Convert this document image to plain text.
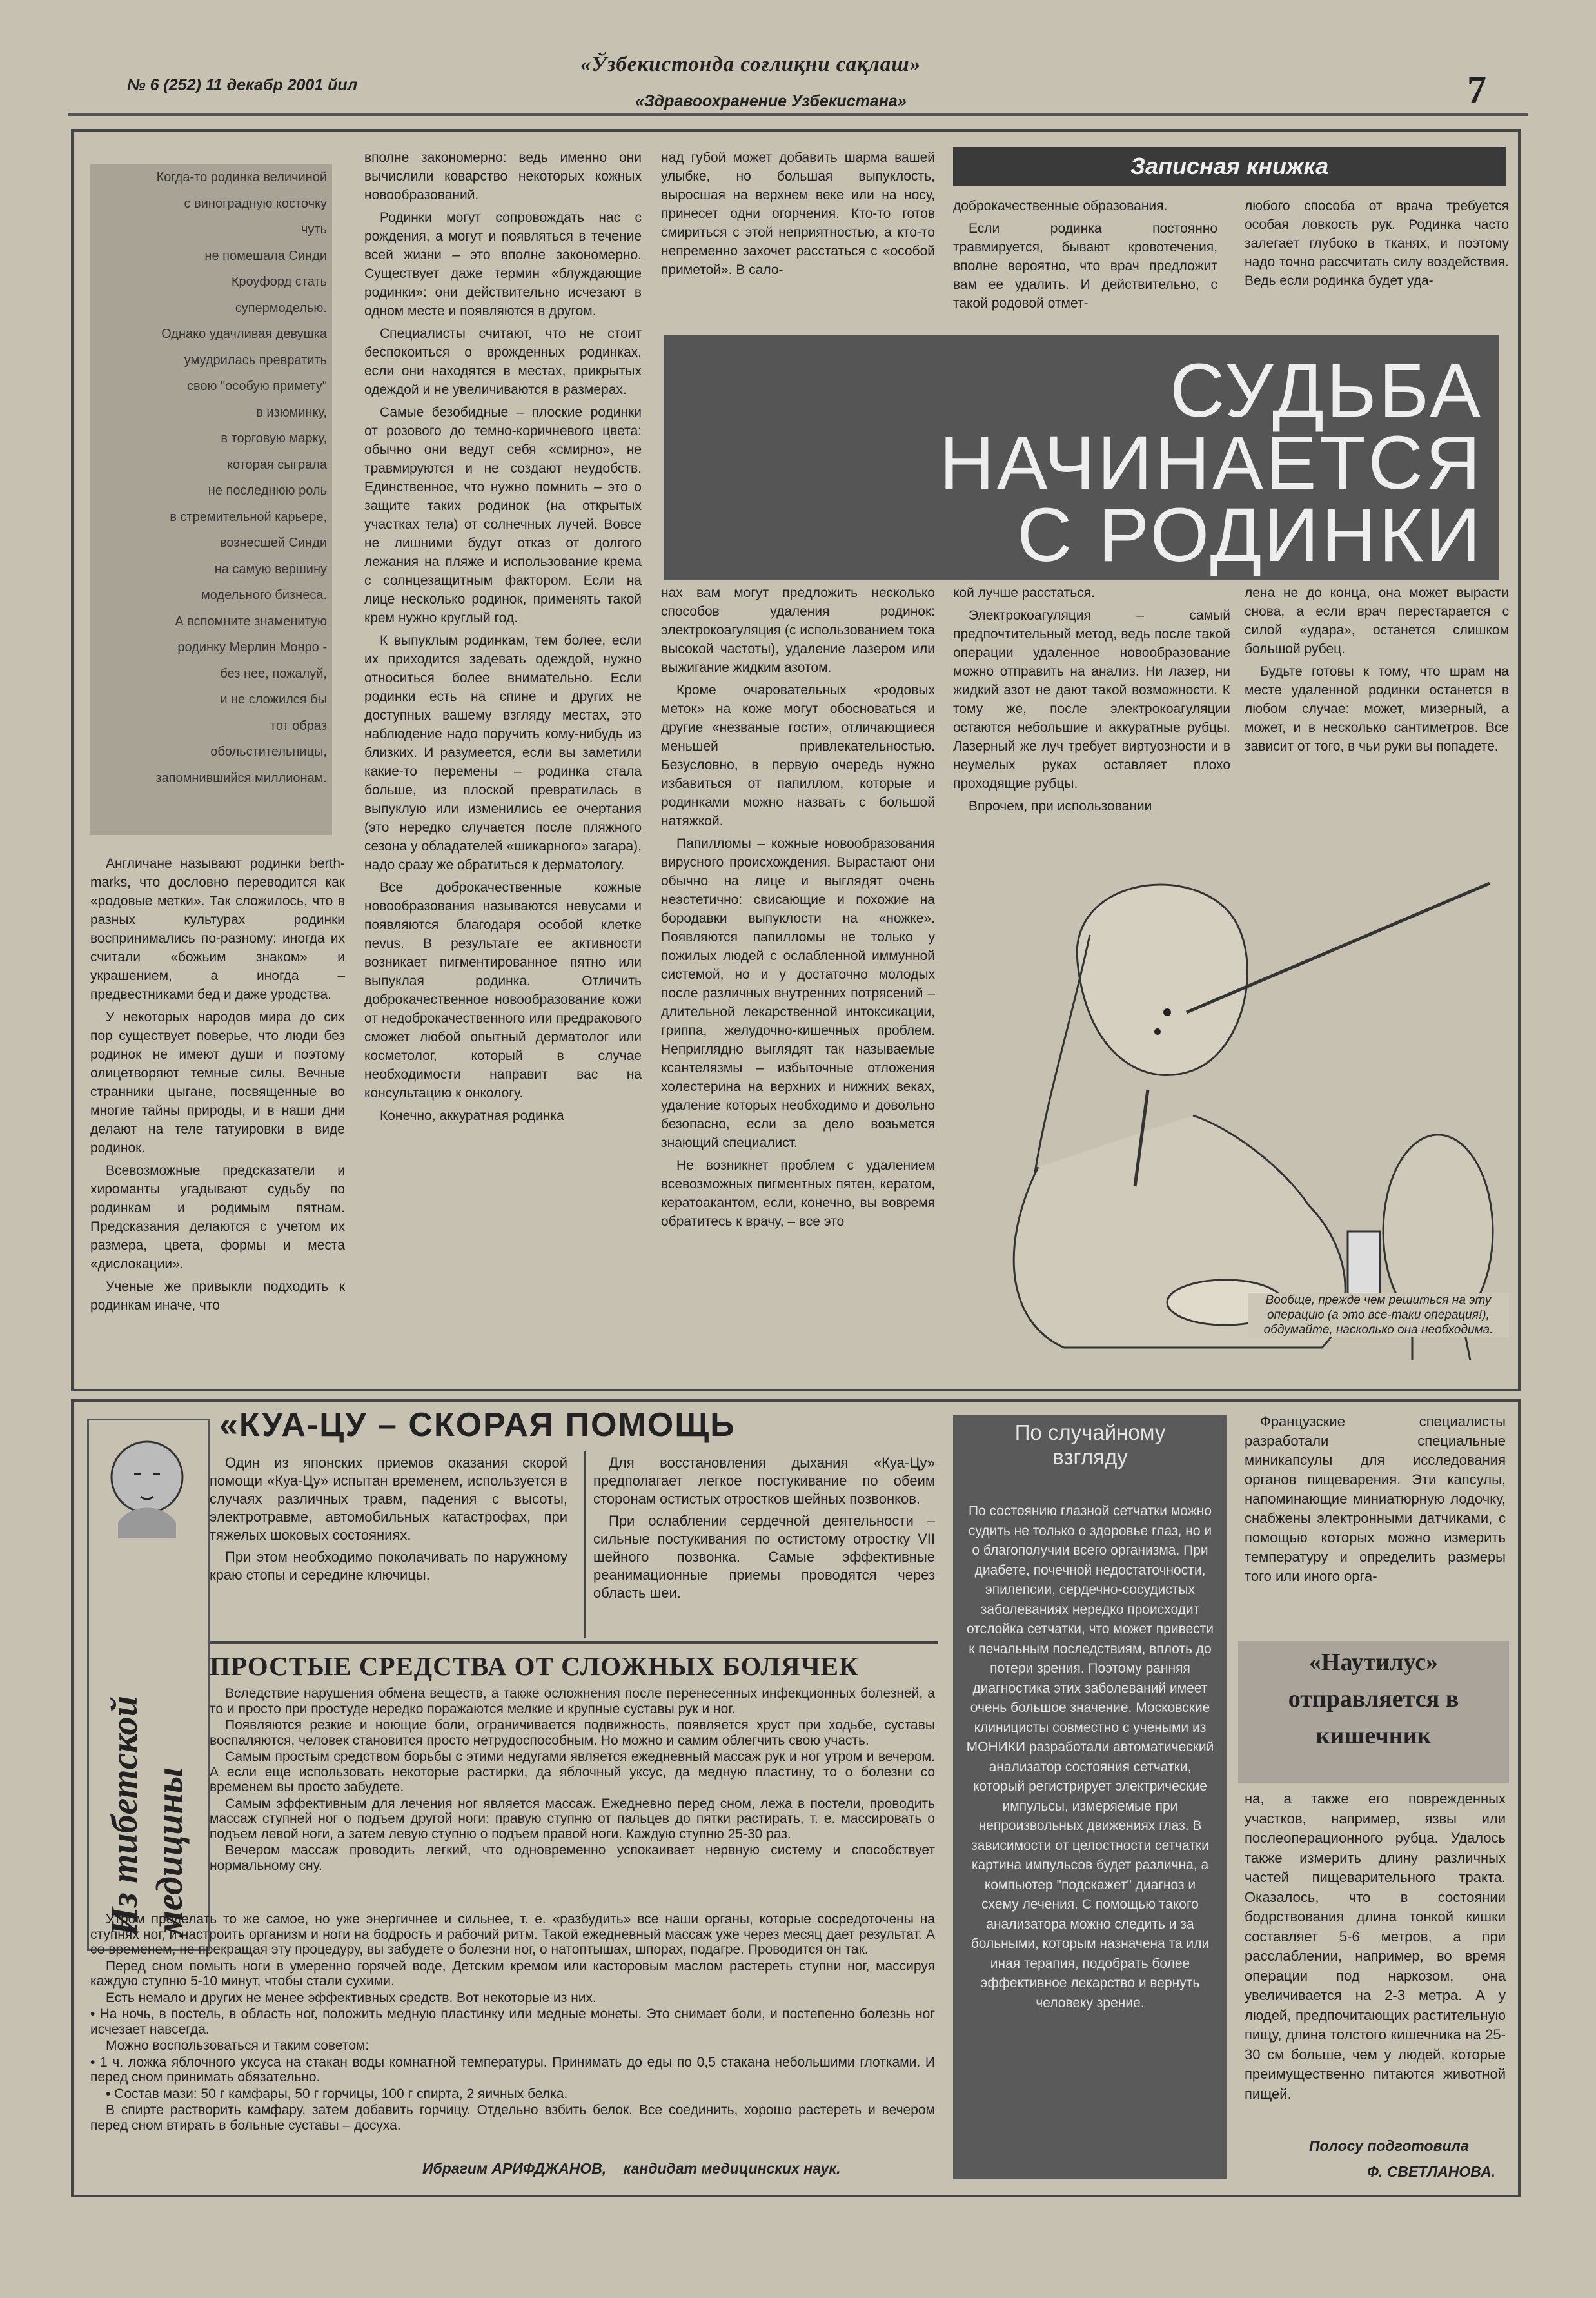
№ 6 (252) 11 декабр 2001 йил
«Ўзбекистонда соғлиқни сақлаш»
«Здравоохранение Узбекистана»	7

Когда-то родинка величиной

с виноградную косточку

чуть

не помешала Синди

Кроуфорд стать

супермоделью.

Однако удачливая девушка

умудрилась превратить

свою "особую примету"

в изюминку,

в торговую марку,

которая сыграла

не последнюю роль

в стремительной карьере,

вознесшей Синди

на самую вершину

модельного бизнеса.

А вспомните знаменитую

родинку Мерлин Монро -

без нее, пожалуй,

и не сложился бы

тот образ

обольстительницы,

запомнившийся миллионам.

Англичане называют родинки berth-marks, что дословно переводится как «родовые метки». Так сложилось, что в разных культурах родинки воспринимались по-разному: иногда их считали «божьим знаком» и украшением, а иногда – предвестниками бед и даже уродства.

У некоторых народов мира до сих пор существует поверье, что люди без родинок не имеют души и поэтому олицетворяют темные силы. Вечные странники цыгане, посвященные во многие тайны природы, и в наши дни делают на теле татуировки в виде родинок.

Всевозможные предсказатели и хироманты угадывают судьбу по родинкам и родимым пятнам. Предсказания делаются с учетом их размера, цвета, формы и места «дислокации».

Ученые же привыкли подходить к родинкам иначе, что

вполне закономерно: ведь именно они вычислили коварство некоторых кожных новообразований.

Родинки могут сопровождать нас с рождения, а могут и появляться в течение всей жизни – это вполне закономерно. Существует даже термин «блуждающие родинки»: они действительно исчезают в одном месте и появляются в другом.

Специалисты считают, что не стоит беспокоиться о врожденных родинках, если они находятся в местах, прикрытых одеждой и не увеличиваются в размерах.

Самые безобидные – плоские родинки от розового до темно-коричневого цвета: обычно они ведут себя «смирно», не травмируются и не создают неудобств. Единственное, что нужно помнить – это о защите таких родинок (на открытых участках тела) от солнечных лучей. Вовсе не лишними будут отказ от долгого лежания на пляже и использование крема с солнцезащитным фактором. Если на лице несколько родинок, применять такой крем нужно круглый год.

К выпуклым родинкам, тем более, если их приходится задевать одеждой, нужно относиться более внимательно. Если родинки есть на спине и других не доступных вашему взгляду местах, это наблюдение надо поручить кому-нибудь из близких. И разумеется, если вы заметили какие-то перемены – родинка стала больше, из плоской превратилась в выпуклую или изменились ее очертания (это нередко случается после пляжного сезона у обладателей «шикарного» загара), надо сразу же обратиться к дерматологу.

Все доброкачественные кожные новообразования называются невусами и появляются благодаря особой клетке nevus. В результате ее активности возникает пигментированное пятно или выпуклая родинка. Отличить доброкачественное новообразование кожи от недоброкачественного или предракового сможет любой опытный дерматолог или косметолог, который в случае необходимости направит вас на консультацию к онкологу.

Конечно, аккуратная родинка

над губой может добавить шарма вашей улыбке, но большая выпуклость, выросшая на верхнем веке или на носу, принесет одни огорчения. Кто-то готов смириться с этой неприятностью, а кто-то непременно захочет расстаться с «особой приметой». В сало-

Записная книжка

доброкачественные образования.

Если родинка постоянно травмируется, бывают кровотечения, вполне вероятно, что врач предложит вам ее удалить. И действительно, с такой родовой отмет-

любого способа от врача требуется особая ловкость рук. Родинка часто залегает глубоко в тканях, и поэтому надо точно рассчитать силу воздействия. Ведь если родинка будет уда-

СУДЬБА
НАЧИНАЕТСЯ
С РОДИНКИ

нах вам могут предложить несколько способов удаления родинок: электрокоагуляция (с использованием тока высокой частоты), удаление лазером или выжигание жидким азотом.

Кроме очаровательных «родовых меток» на коже могут обосноваться и другие «незваные гости», отличающиеся меньшей привлекательностью. Безусловно, в первую очередь нужно избавиться от папиллом, которые и родинками можно назвать с большой натяжкой.

Папилломы – кожные новообразования вирусного происхождения. Вырастают они обычно на лице и выглядят очень неэстетично: свисающие и похожие на бородавки выпуклости на «ножке». Появляются папилломы не только у пожилых людей с ослабленной иммунной системой, но и у достаточно молодых после различных внутренних потрясений – длительной лекарственной интоксикации, гриппа, желудочно-кишечных проблем. Неприглядно выглядят так называемые ксантелязмы – избыточные отложения холестерина на верхних и нижних веках, удаление которых необходимо и довольно безопасно, если за дело возьмется знающий специалист.

Не возникнет проблем с удалением всевозможных пигментных пятен, кератом, кератоакантом, если, конечно, вы вовремя обратитесь к врачу, – все это

кой лучше расстаться.

Электрокоагуляция – самый предпочтительный метод, ведь после такой операции удаленное новообразование можно отправить на анализ. Ни лазер, ни жидкий азот не дают такой возможности. К тому же, после электрокоагуляции остаются небольшие и аккуратные рубцы. Лазерный же луч требует виртуозности и в неумелых руках оставляет плохо проходящие рубцы.

Впрочем, при использовании

лена не до конца, она может вырасти снова, а если врач перестарается с силой «удара», останется слишком большой рубец.

Будьте готовы к тому, что шрам на месте удаленной родинки останется в любом случае: может, мизерный, а может, и в несколько сантиметров. Все зависит от того, в чьи руки вы попадете.

Вообще, прежде чем решиться на эту операцию (а это все-таки операция!), обдумайте, насколько она необходима.
Из тибетской медицины
«КУА-ЦУ – СКОРАЯ ПОМОЩЬ

Один из японских приемов оказания скорой помощи «Куа-Цу» испытан временем, используется в случаях различных травм, падения с высоты, электротравме, автомобильных катастрофах, при тяжелых шоковых состояниях.

При этом необходимо поколачивать по наружному краю стопы и середине ключицы.

Для восстановления дыхания «Куа-Цу» предполагает легкое постукивание по обеим сторонам остистых отростков шейных позвонков.

При ослаблении сердечной деятельности – сильные постукивания по остистому отростку VII шейного позвонка. Самые эффективные реанимационные приемы проводятся через область шеи.

ПРОСТЫЕ СРЕДСТВА ОТ СЛОЖНЫХ БОЛЯЧЕК

Вследствие нарушения обмена веществ, а также осложнения после перенесенных инфекционных болезней, а то и просто при простуде нередко поражаются мелкие и крупные суставы рук и ног.

Появляются резкие и ноющие боли, ограничивается подвижность, появляется хруст при ходьбе, суставы воспаляются, человек становится просто нетрудоспособным. Но можно и самим облегчить свою участь.

Самым простым средством борьбы с этими недугами является ежедневный массаж рук и ног утром и вечером. А если еще использовать некоторые растирки, да яблочный уксус, да медную пластину, то о болезни со временем вы просто забудете.

Самым эффективным для лечения ног является массаж. Ежедневно перед сном, лежа в постели, проводить массаж ступней ног о подъем другой ноги: правую ступню от пальцев до пятки растирать, т. е. массировать о подъем левой ноги, а затем левую ступню о подъем правой ноги. Каждую ступню 25-30 раз.

Вечером массаж проводить легкий, что одновременно успокаивает нервную систему и способствует нормальному сну.

Утром проделать то же самое, но уже энергичнее и сильнее, т. е. «разбудить» все наши органы, которые сосредоточены на ступнях ног, и настроить организм и ноги на бодрость и рабочий ритм. Такой ежедневный массаж уже через месяц дает результат. А со временем, не прекращая эту процедуру, вы забудете о болезни ног, о натоптышах, шпорах, подагре. Проводится он так.

Перед сном помыть ноги в умеренно горячей воде, Детским кремом или касторовым маслом растереть ступни ног, массируя каждую ступню 5-10 минут, чтобы стали сухими.

Есть немало и других не менее эффективных средств. Вот некоторые из них.

• На ночь, в постель, в область ног, положить медную пластинку или медные монеты. Это снимает боли, и постепенно болезнь ног исчезает навсегда.

Можно воспользоваться и таким советом:

• 1 ч. ложка яблочного уксуса на стакан воды комнатной температуры. Принимать до еды по 0,5 стакана небольшими глотками. И перед сном принимать обязательно.

• Состав мази: 50 г камфары, 50 г горчицы, 100 г спирта, 2 яичных белка.

В спирте растворить камфару, затем добавить горчицу. Отдельно взбить белок. Все соединить, хорошо растереть и вечером перед сном втирать в больные суставы – досуха.

Ибрагим АРИФДЖАНОВ, кандидат медицинских наук.
По случайному
взгляду
По состоянию глазной сетчатки можно судить не только о здоровье глаз, но и о благополучии всего организма. При диабете, почечной недостаточности, эпилепсии, сердечно-сосудистых заболеваниях нередко происходит отслойка сетчатки, что может привести к печальным последствиям, вплоть до потери зрения. Поэтому ранняя диагностика этих заболеваний имеет очень большое значение. Московские клиницисты совместно с учеными из МОНИКИ разработали автоматический анализатор состояния сетчатки, который регистрирует электрические импульсы, измеряемые при непроизвольных движениях глаз. В зависимости от целостности сетчатки картина импульсов будет различна, а компьютер "подскажет" диагноз и схему лечения. С помощью такого анализатора можно следить и за больными, которым назначена та или иная терапия, подобрать более эффективное лекарство и вернуть человеку зрение.
Французские специалисты разработали специальные миникапсулы для исследования органов пищеварения. Эти капсулы, напоминающие миниатюрную лодочку, снабжены электронными датчиками, с помощью которых можно измерить температуру и определить размеры того или иного орга-
«Наутилус»
отправляется в
кишечник
на, а также его поврежденных участков, например, язвы или послеоперационного рубца. Удалось также измерить длину различных частей пищеварительного тракта. Оказалось, что в состоянии бодрствования длина тонкой кишки составляет 5-6 метров, а при расслаблении, например, во время операции под наркозом, она увеличивается на 2-3 метра. А у людей, предпочитающих растительную пищу, длина толстого кишечника на 25-30 см больше, чем у людей, которые преимущественно питаются животной пищей.
Полосу подготовила
Ф. СВЕТЛАНОВА.
